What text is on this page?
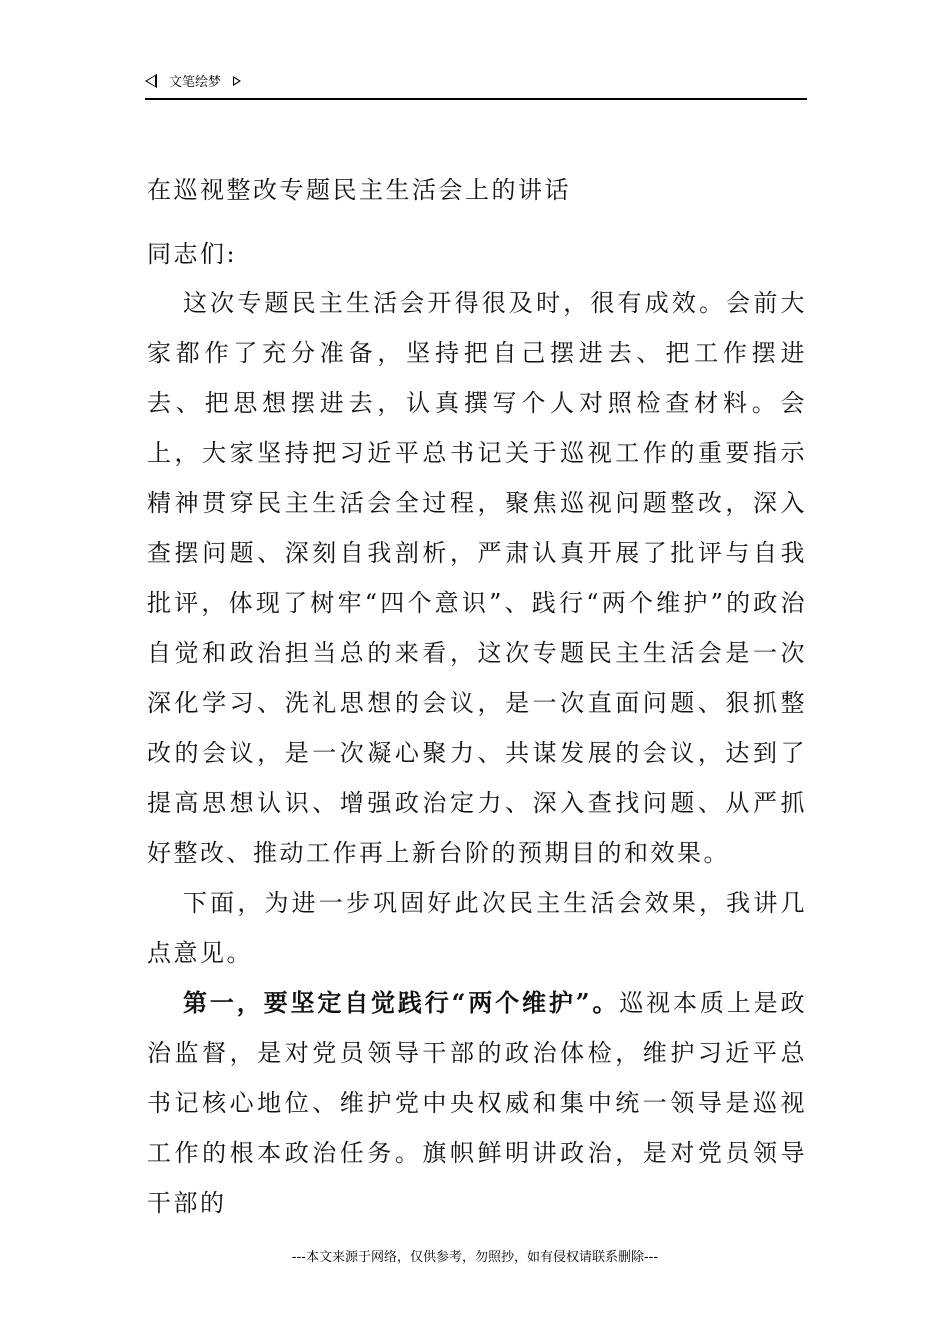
文笔绘梦
在巡视整改专题民主生活会上的讲话

同志们:

这次专题民主生活会开得很及时，很有成效。会前大家都作了充分准备，坚持把自己摆进去、把工作摆进去、把思想摆进去，认真撰写个人对照检查材料。会上，大家坚持把习近平总书记关于巡视工作的重要指示精神贯穿民主生活会全过程，聚焦巡视问题整改，深入查摆问题、深刻自我剖析，严肃认真开展了批评与自我批评，体现了树牢“四个意识”、践行“两个维护”的政治自觉和政治担当总的来看，这次专题民主生活会是一次深化学习、洗礼思想的会议，是一次直面问题、狠抓整改的会议，是一次凝心聚力、共谋发展的会议，达到了提高思想认识、增强政治定力、深入查找问题、从严抓好整改、推动工作再上新台阶的预期目的和效果。

下面，为进一步巩固好此次民主生活会效果，我讲几点意见。

第一，要坚定自觉践行“两个维护”。巡视本质上是政治监督，是对党员领导干部的政治体检，维护习近平总书记核心地位、维护党中央权威和集中统一领导是巡视工作的根本政治任务。旗帜鲜明讲政治，是对党员领导干部的

---本文来源于网络，仅供参考，勿照抄，如有侵权请联系删除---
